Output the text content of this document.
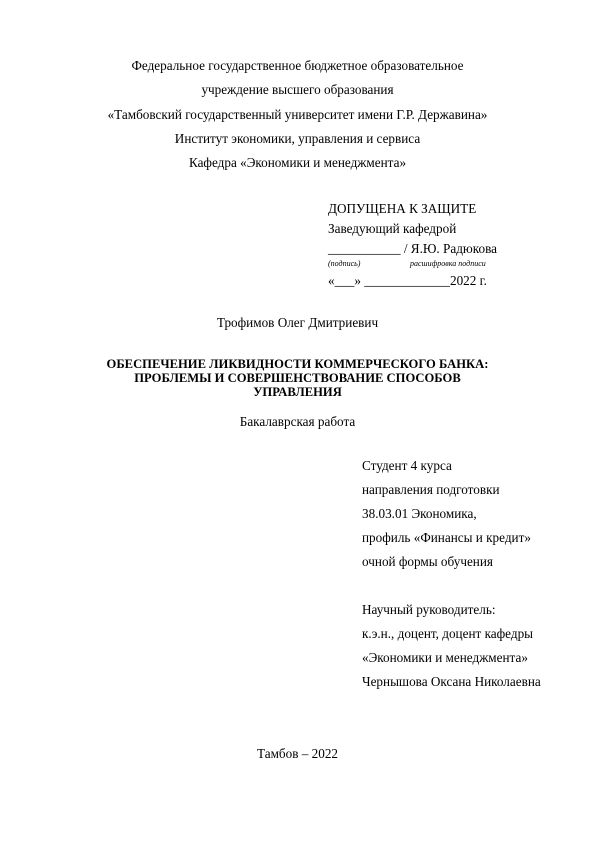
Федеральное государственное бюджетное образовательное
учреждение высшего образования
«Тамбовский государственный университет имени Г.Р. Державина»
Институт экономики, управления и сервиса
Кафедра «Экономики и менеджмента»
ДОПУЩЕНА К ЗАЩИТЕ
Заведующий кафедрой
___________ / Я.Ю. Радюкова
(подпись)	расшифровка подписи
«___» _____________2022 г.
Трофимов Олег Дмитриевич
ОБЕСПЕЧЕНИЕ ЛИКВИДНОСТИ КОММЕРЧЕСКОГО БАНКА:
ПРОБЛЕМЫ И СОВЕРШЕНСТВОВАНИЕ СПОСОБОВ
УПРАВЛЕНИЯ
Бакалаврская работа
Студент 4 курса
направления подготовки
38.03.01 Экономика,
профиль «Финансы и кредит»
очной формы обучения
Научный руководитель:
к.э.н., доцент, доцент кафедры
«Экономики и менеджмента»
Чернышова Оксана Николаевна
Тамбов – 2022
